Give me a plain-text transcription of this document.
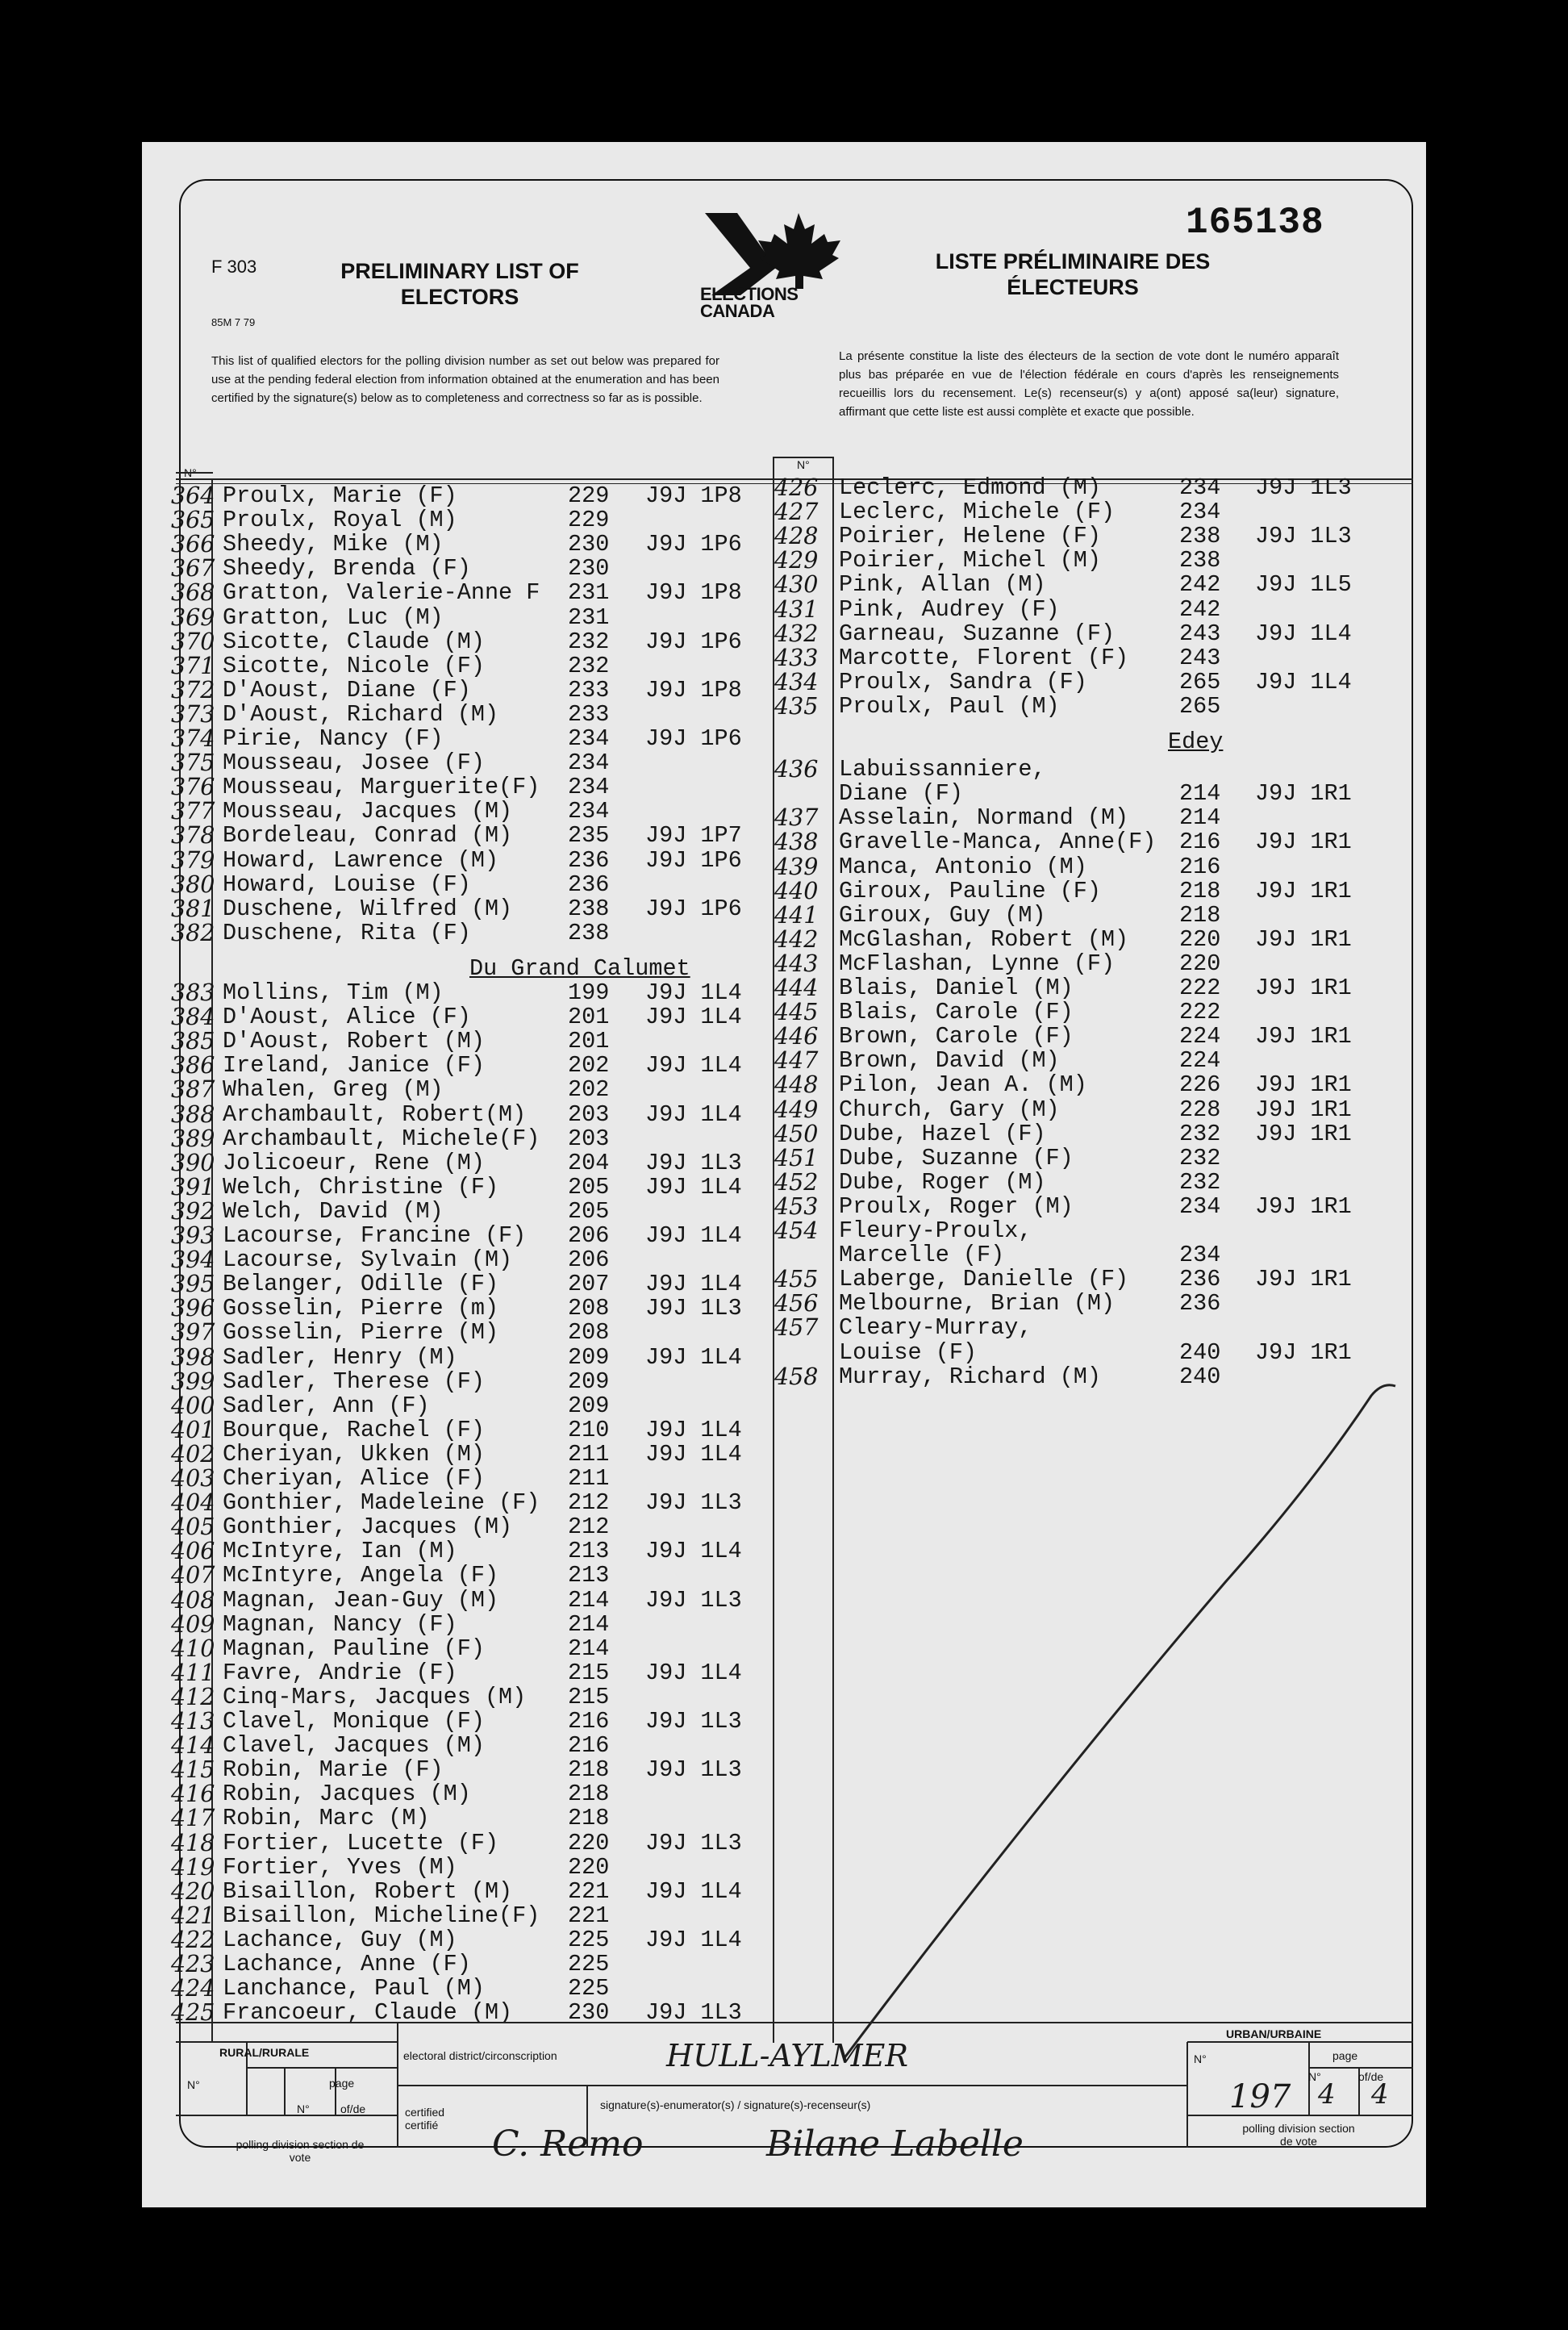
165138
F 303
85M 7 79
PRELIMINARY LIST OF ELECTORS
LISTE PRÉLIMINAIRE DES ÉLECTEURS
ELECTIONS CANADA
This list of qualified electors for the polling division number as set out below was prepared for use at the pending federal election from information obtained at the enumeration and has been certified by the signature(s) below as to completeness and correctness so far as is possible.
La présente constitue la liste des électeurs de la section de vote dont le numéro apparaît plus bas préparée en vue de l'élection fédérale en cours d'après les renseignements recueillis lors du recensement. Le(s) recenseur(s) y a(ont) apposé sa(leur) signature, affirmant que cette liste est aussi complète et exacte que possible.
N°
N°
364 Proulx, Marie (F)	229 J9J 1P8
365 Proulx, Royal (M)	229
366 Sheedy, Mike (M)	230 J9J 1P6
367 Sheedy, Brenda (F)	230
368 Gratton, Valerie-Anne F 231 J9J 1P8
369 Gratton, Luc (M)	231
370 Sicotte, Claude (M)	232 J9J 1P6
371 Sicotte, Nicole (F)	232
372 D'Aoust, Diane (F)	233 J9J 1P8
373 D'Aoust, Richard (M)	233
374 Pirie, Nancy (F)	234 J9J 1P6
375 Mousseau, Josee (F)	234
376 Mousseau, Marguerite(F) 234
377 Mousseau, Jacques (M) 234
378 Bordeleau, Conrad (M) 235 J9J 1P7
379 Howard, Lawrence (M)	236 J9J 1P6
380 Howard, Louise (F)	236
381 Duschene, Wilfred (M) 238 J9J 1P6
382 Duschene, Rita (F)	238
Du Grand Calumet
383 Mollins, Tim (M)	199 J9J 1L4
384 D'Aoust, Alice (F)	201 J9J 1L4
385 D'Aoust, Robert (M)	201
386 Ireland, Janice (F)	202 J9J 1L4
387 Whalen, Greg (M)	202
388 Archambault, Robert(M) 203 J9J 1L4
389 Archambault, Michele(F) 203
390 Jolicoeur, Rene (M)	204 J9J 1L3
391 Welch, Christine (F)	205 J9J 1L4
392 Welch, David (M)	205
393 Lacourse, Francine (F) 206 J9J 1L4
394 Lacourse, Sylvain (M) 206
395 Belanger, Odille (F)	207 J9J 1L4
396 Gosselin, Pierre (m)	208 J9J 1L3
397 Gosselin, Pierre (M)	208
398 Sadler, Henry (M)	209 J9J 1L4
399 Sadler, Therese (F)	209
400 Sadler, Ann (F)	209
401 Bourque, Rachel (F)	210 J9J 1L4
402 Cheriyan, Ukken (M)	211 J9J 1L4
403 Cheriyan, Alice (F)	211
404 Gonthier, Madeleine (F) 212 J9J 1L3
405 Gonthier, Jacques (M) 212
406 McIntyre, Ian (M)	213 J9J 1L4
407 McIntyre, Angela (F)	213
408 Magnan, Jean-Guy (M)	214 J9J 1L3
409 Magnan, Nancy (F)	214
410 Magnan, Pauline (F)	214
411 Favre, Andrie (F)	215 J9J 1L4
412 Cinq-Mars, Jacques (M) 215
413 Clavel, Monique (F)	216 J9J 1L3
414 Clavel, Jacques (M)	216
415 Robin, Marie (F)	218 J9J 1L3
416 Robin, Jacques (M)	218
417 Robin, Marc (M)	218
418 Fortier, Lucette (F)	220 J9J 1L3
419 Fortier, Yves (M)	220
420 Bisaillon, Robert (M) 221 J9J 1L4
421 Bisaillon, Micheline(F) 221
422 Lachance, Guy (M)	225 J9J 1L4
423 Lachance, Anne (F)	225
424 Lanchance, Paul (M)	225
425 Francoeur, Claude (M) 230 J9J 1L3
426 Leclerc, Edmond (M)	234 J9J 1L3
427 Leclerc, Michele (F)	234
428 Poirier, Helene (F)	238 J9J 1L3
429 Poirier, Michel (M)	238
430 Pink, Allan (M)	242 J9J 1L5
431 Pink, Audrey (F)	242
432 Garneau, Suzanne (F)	243 J9J 1L4
433 Marcotte, Florent (F) 243
434 Proulx, Sandra (F)	265 J9J 1L4
435 Proulx, Paul (M)	265
Edey
436 Labuissanniere,
Diane (F)	214 J9J 1R1
437 Asselain, Normand (M) 214
438 Gravelle-Manca, Anne(F) 216 J9J 1R1
439 Manca, Antonio (M)	216
440 Giroux, Pauline (F)	218 J9J 1R1
441 Giroux, Guy (M)	218
442 McGlashan, Robert (M) 220 J9J 1R1
443 McFlashan, Lynne (F)	220
444 Blais, Daniel (M)	222 J9J 1R1
445 Blais, Carole (F)	222
446 Brown, Carole (F)	224 J9J 1R1
447 Brown, David (M)	224
448 Pilon, Jean A. (M)	226 J9J 1R1
449 Church, Gary (M)	228 J9J 1R1
450 Dube, Hazel (F)	232 J9J 1R1
451 Dube, Suzanne (F)	232
452 Dube, Roger (M)	232
453 Proulx, Roger (M)	234 J9J 1R1
454 Fleury-Proulx,
Marcelle (F)	234
455 Laberge, Danielle (F) 236 J9J 1R1
456 Melbourne, Brian (M)	236
457 Cleary-Murray,
Louise (F)	240 J9J 1R1
458 Murray, Richard (M)	240
RURAL/RURALE
URBAN/URBAINE
N°	page
N°	of/de
N°	page
N°	of/de
electoral district/circonscription
certified certifié
signature(s)-enumerator(s) / signature(s)-recenseur(s)
polling division section de vote
polling division section de vote
HULL-AYLMER
C. Remo	Bilane Labelle
197 4 4
